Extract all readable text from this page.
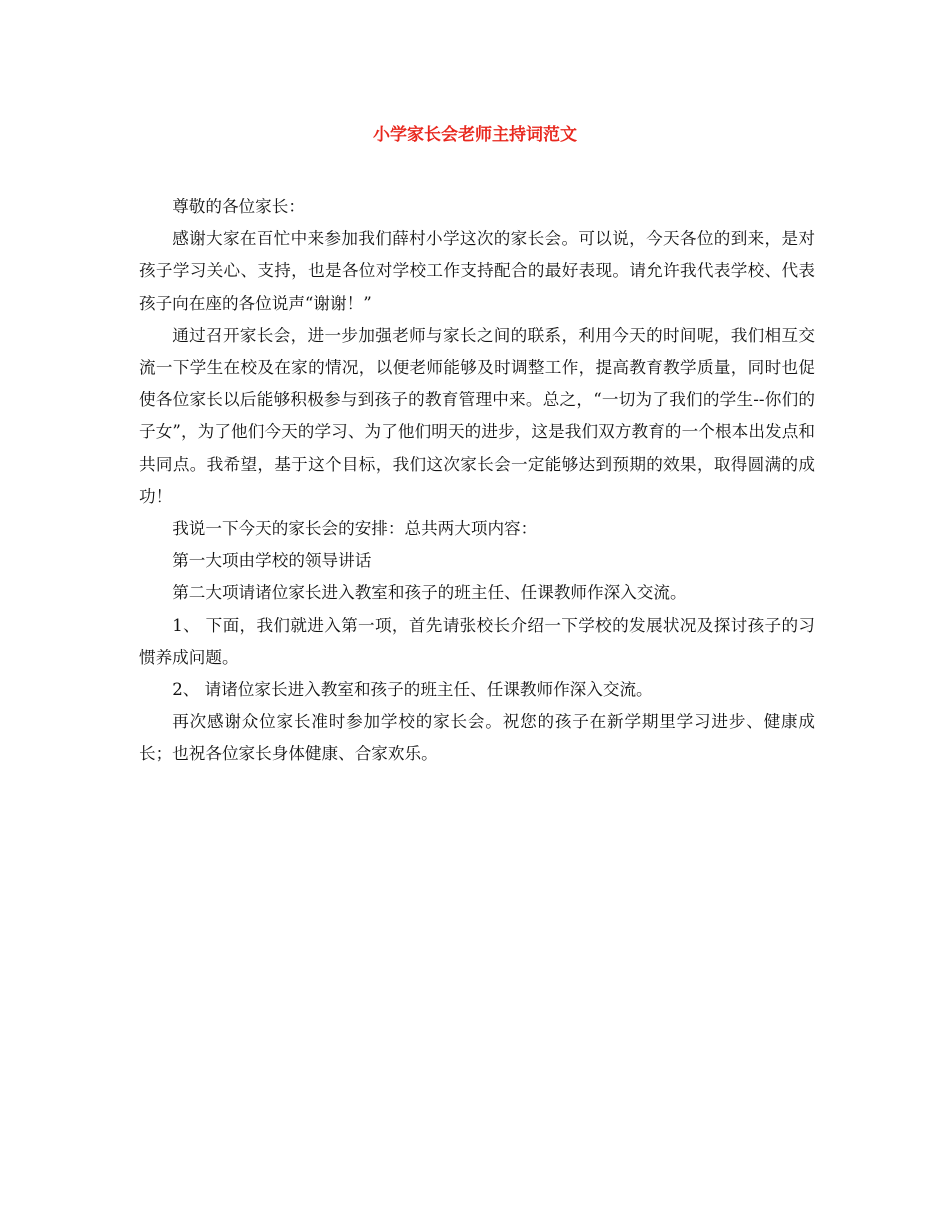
小学家长会老师主持词范文

尊敬的各位家长：

感谢大家在百忙中来参加我们薛村小学这次的家长会。可以说，今天各位的到来，是对孩子学习关心、支持，也是各位对学校工作支持配合的最好表现。请允许我代表学校、代表孩子向在座的各位说声“谢谢！”

通过召开家长会，进一步加强老师与家长之间的联系，利用今天的时间呢，我们相互交流一下学生在校及在家的情况，以便老师能够及时调整工作，提高教育教学质量，同时也促使各位家长以后能够积极参与到孩子的教育管理中来。总之，“一切为了我们的学生--你们的子女”，为了他们今天的学习、为了他们明天的进步，这是我们双方教育的一个根本出发点和共同点。我希望，基于这个目标，我们这次家长会一定能够达到预期的效果，取得圆满的成功！

我说一下今天的家长会的安排：总共两大项内容：

第一大项由学校的领导讲话

第二大项请诸位家长进入教室和孩子的班主任、任课教师作深入交流。

1、 下面，我们就进入第一项，首先请张校长介绍一下学校的发展状况及探讨孩子的习惯养成问题。

2、 请诸位家长进入教室和孩子的班主任、任课教师作深入交流。

再次感谢众位家长准时参加学校的家长会。祝您的孩子在新学期里学习进步、健康成长；也祝各位家长身体健康、合家欢乐。
